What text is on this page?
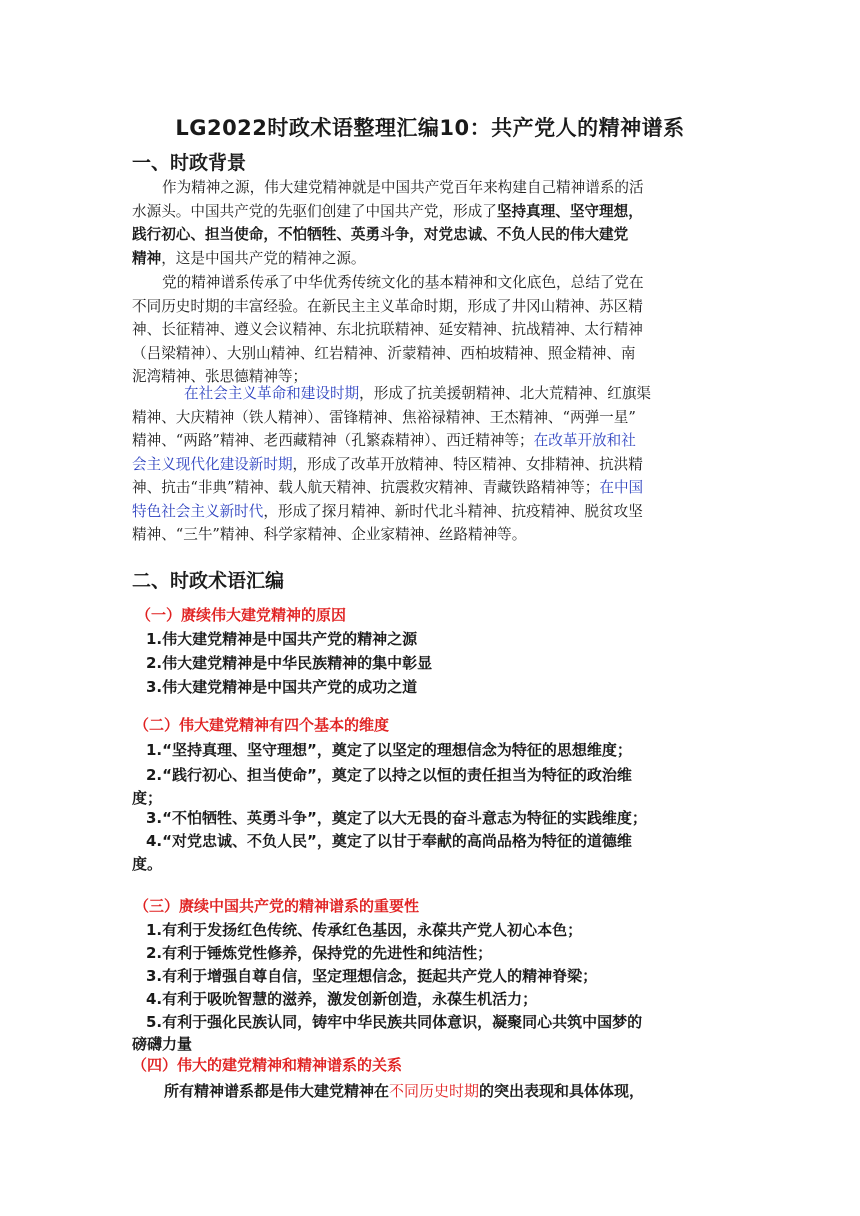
LG2022时政术语整理汇编10：共产党人的精神谱系
一、时政背景
作为精神之源，伟大建党精神就是中国共产党百年来构建自己精神谱系的活
水源头。中国共产党的先驱们创建了中国共产党，形成了坚持真理、坚守理想，
践行初心、担当使命，不怕牺牲、英勇斗争，对党忠诚、不负人民的伟大建党
精神，这是中国共产党的精神之源。
党的精神谱系传承了中华优秀传统文化的基本精神和文化底色，总结了党在
不同历史时期的丰富经验。在新民主主义革命时期，形成了井冈山精神、苏区精
神、长征精神、遵义会议精神、东北抗联精神、延安精神、抗战精神、太行精神
（吕梁精神）、大别山精神、红岩精神、沂蒙精神、西柏坡精神、照金精神、南
泥湾精神、张思德精神等；
在社会主义革命和建设时期，形成了抗美援朝精神、北大荒精神、红旗渠
精神、大庆精神（铁人精神）、雷锋精神、焦裕禄精神、王杰精神、“两弹一星”
精神、“两路”精神、老西藏精神（孔繁森精神）、西迁精神等；在改革开放和社
会主义现代化建设新时期，形成了改革开放精神、特区精神、女排精神、抗洪精
神、抗击“非典”精神、载人航天精神、抗震救灾精神、青藏铁路精神等；在中国
特色社会主义新时代，形成了探月精神、新时代北斗精神、抗疫精神、脱贫攻坚
精神、“三牛”精神、科学家精神、企业家精神、丝路精神等。
二、时政术语汇编
（一）赓续伟大建党精神的原因
1.伟大建党精神是中国共产党的精神之源
2.伟大建党精神是中华民族精神的集中彰显
3.伟大建党精神是中国共产党的成功之道
（二）伟大建党精神有四个基本的维度
1.“坚持真理、坚守理想”，奠定了以坚定的理想信念为特征的思想维度；
2.“践行初心、担当使命”，奠定了以持之以恒的责任担当为特征的政治维
度；
3.“不怕牺牲、英勇斗争”，奠定了以大无畏的奋斗意志为特征的实践维度；
4.“对党忠诚、不负人民”，奠定了以甘于奉献的高尚品格为特征的道德维
度。
（三）赓续中国共产党的精神谱系的重要性
1.有利于发扬红色传统、传承红色基因，永葆共产党人初心本色；
2.有利于锤炼党性修养，保持党的先进性和纯洁性；
3.有利于增强自尊自信，坚定理想信念，挺起共产党人的精神脊梁；
4.有利于吸吮智慧的滋养，激发创新创造，永葆生机活力；
5.有利于强化民族认同，铸牢中华民族共同体意识，凝聚同心共筑中国梦的
磅礴力量
（四）伟大的建党精神和精神谱系的关系
所有精神谱系都是伟大建党精神在不同历史时期的突出表现和具体体现，
